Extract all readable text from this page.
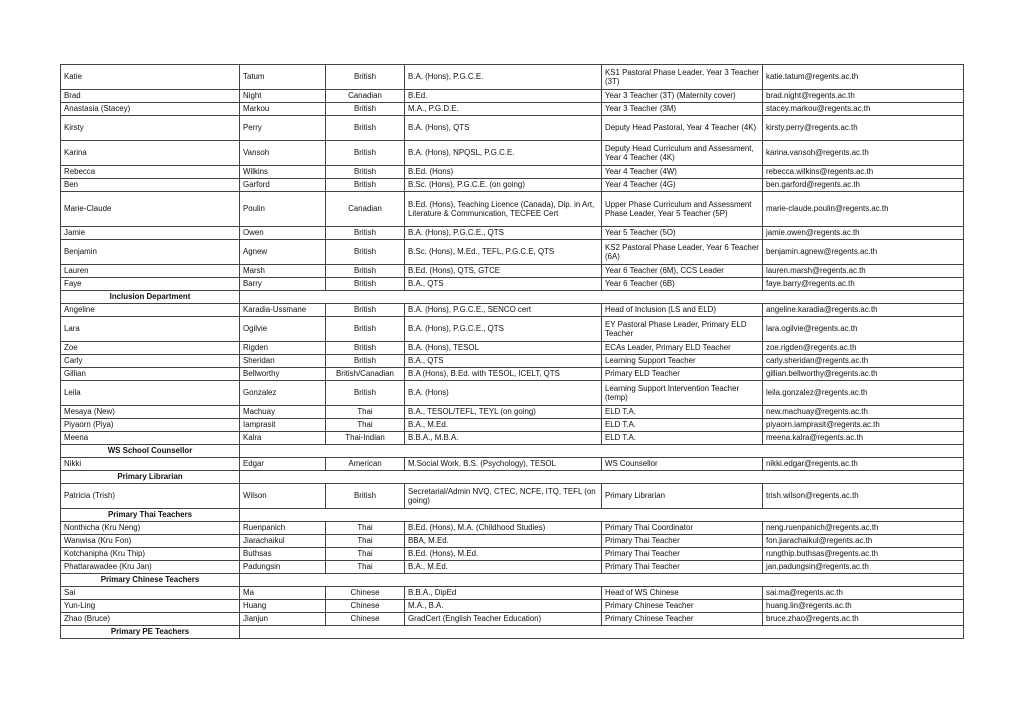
Katie	Tatum	British	B.A. (Hons), P.G.C.E.	KS1 Pastoral Phase Leader, Year 3 Teacher (3T)	katie.tatum@regents.ac.th
Brad	Night	Canadian	B.Ed.	Year 3 Teacher (3T) (Maternity cover)	brad.night@regents.ac.th
Anastasia (Stacey)	Markou	British	M.A., P.G.D.E.	Year 3 Teacher (3M)	stacey.markou@regents.ac.th
Kirsty	Perry	British	B.A. (Hons), QTS	Deputy Head Pastoral, Year 4 Teacher (4K)	kirsty.perry@regents.ac.th
Karina	Vansoh	British	B.A. (Hons), NPQSL, P.G.C.E.	Deputy Head Curriculum and Assessment, Year 4 Teacher (4K)	karina.vansoh@regents.ac.th
Rebecca	Wilkins	British	B.Ed. (Hons)	Year 4 Teacher (4W)	rebecca.wilkins@regents.ac.th
Ben	Garford	British	B.Sc. (Hons), P.G.C.E. (on going)	Year 4 Teacher (4G)	ben.garford@regents.ac.th
Marie-Claude	Poulin	Canadian	B.Ed. (Hons), Teaching Licence (Canada), Dip. in Art, Literature & Communication, TECFEE Cert	Upper Phase Curriculum and Assessment Phase Leader, Year 5 Teacher (5P)	marie-claude.poulin@regents.ac.th
Jamie	Owen	British	B.A. (Hons), P.G.C.E., QTS	Year 5 Teacher (5O)	jamie.owen@regents.ac.th
Benjamin	Agnew	British	B.Sc. (Hons), M.Ed., TEFL, P.G.C.E, QTS	KS2 Pastoral Phase Leader, Year 6 Teacher (6A)	benjamin.agnew@regents.ac.th
Lauren	Marsh	British	B.Ed. (Hons), QTS, GTCE	Year 6 Teacher (6M), CCS Leader	lauren.marsh@regents.ac.th
Faye	Barry	British	B.A., QTS	Year 6 Teacher (6B)	faye.barry@regents.ac.th
Inclusion Department					
Angeline	Karadia-Ussmane	British	B.A. (Hons), P.G.C.E., SENCO cert	Head of Inclusion (LS and ELD)	angeline.karadia@regents.ac.th
Lara	Ogilvie	British	B.A. (Hons), P.G.C.E., QTS	EY Pastoral Phase Leader, Primary ELD Teacher	lara.ogilvie@regents.ac.th
Zoe	Rigden	British	B.A. (Hons), TESOL	ECAs Leader, Primary ELD Teacher	zoe.rigden@regents.ac.th
Carly	Sheridan	British	B.A., QTS	Learning Support Teacher	carly.sheridan@regents.ac.th
Gillian	Bellworthy	British/Canadian	B.A (Hons), B.Ed. with TESOL, ICELT, QTS	Primary ELD Teacher	gillian.bellworthy@regents.ac.th
Leila	Gonzalez	British	B.A. (Hons)	Learning Support Intervention Teacher (temp)	leila.gonzalez@regents.ac.th
Mesaya (New)	Machuay	Thai	B.A., TESOL/TEFL, TEYL (on going)	ELD T.A.	new.machuay@regents.ac.th
Piyaorn (Piya)	Iamprasit	Thai	B.A., M.Ed.	ELD T.A.	piyaorn.iamprasit@regents.ac.th
Meena	Kalra	Thai-Indian	B.B.A., M.B.A.	ELD T.A.	meena.kalra@regents.ac.th
WS School Counsellor					
Nikki	Edgar	American	M.Social Work, B.S. (Psychology), TESOL	WS Counsellor	nikki.edgar@regents.ac.th
Primary Librarian					
Patricia (Trish)	Wilson	British	Secretarial/Admin NVQ, CTEC, NCFE, ITQ, TEFL (on going)	Primary Librarian	trish.wilson@regents.ac.th
Primary Thai Teachers					
Nonthicha (Kru Neng)	Ruenpanich	Thai	B.Ed. (Hons), M.A. (Childhood Studies)	Primary Thai Coordinator	neng.ruenpanich@regents.ac.th
Wanwisa (Kru Fon)	Jiarachaikul	Thai	BBA, M.Ed.	Primary Thai Teacher	fon.jiarachaikul@regents.ac.th
Kotchanipha (Kru Thip)	Buthsas	Thai	B.Ed. (Hons), M.Ed.	Primary Thai Teacher	rungthip.buthsas@regents.ac.th
Phattarawadee (Kru Jan)	Padungsin	Thai	B.A., M.Ed.	Primary Thai Teacher	jan.padungsin@regents.ac.th
Primary Chinese Teachers					
Sai	Ma	Chinese	B.B.A., DipEd	Head of WS Chinese	sai.ma@regents.ac.th
Yun-Ling	Huang	Chinese	M.A., B.A.	Primary Chinese Teacher	huang.lin@regents.ac.th
Zhao (Bruce)	Jianjun	Chinese	GradCert (English Teacher Education)	Primary Chinese Teacher	bruce.zhao@regents.ac.th
Primary PE Teachers					
